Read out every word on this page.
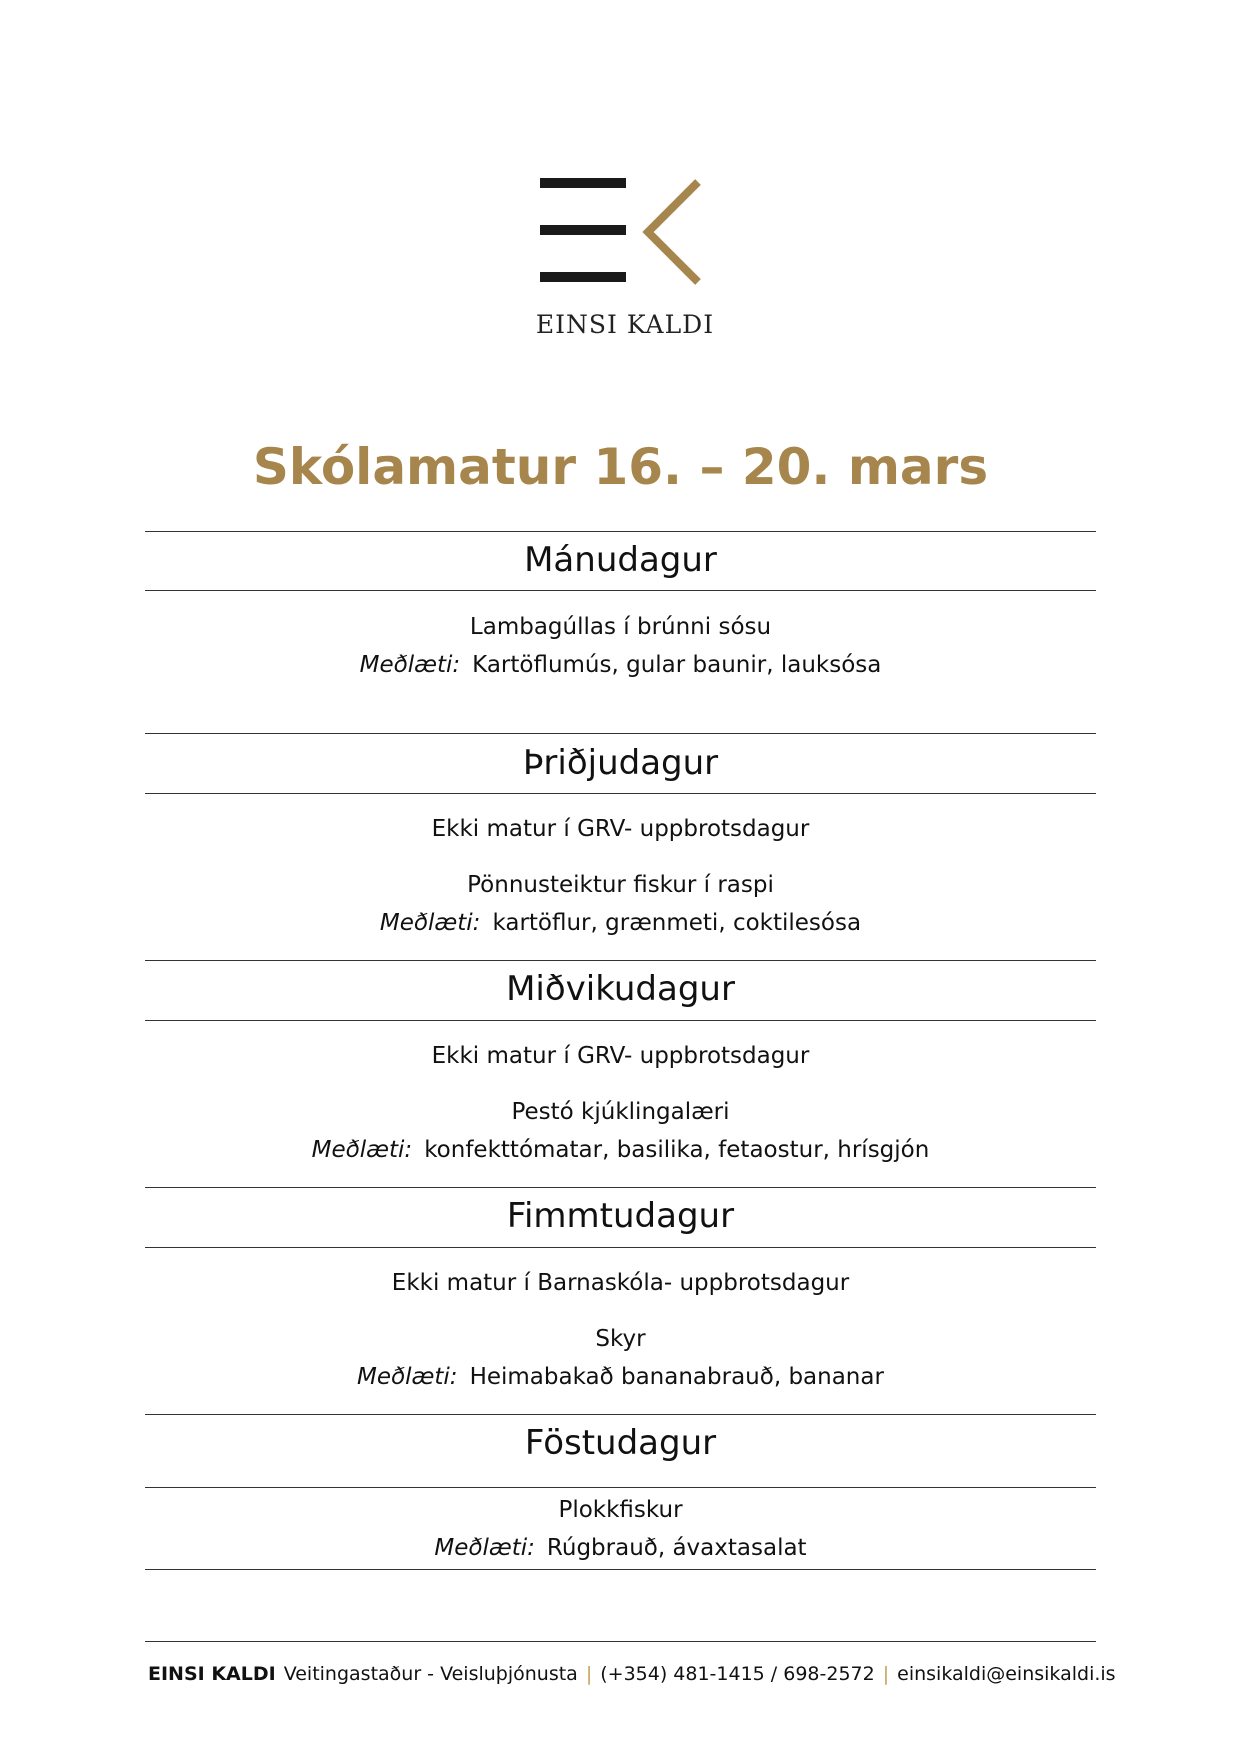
EINSI KALDI
Skólamatur 16. – 20. mars
Mánudagur
Lambagúllas í brúnni sósu
Meðlæti: Kartöflumús, gular baunir, lauksósa
Þriðjudagur
Ekki matur í GRV- uppbrotsdagur
Pönnusteiktur fiskur í raspi
Meðlæti: kartöflur, grænmeti, coktilesósa
Miðvikudagur
Ekki matur í GRV- uppbrotsdagur
Pestó kjúklingalæri
Meðlæti: konfekttómatar, basilika, fetaostur, hrísgjón
Fimmtudagur
Ekki matur í Barnaskóla- uppbrotsdagur
Skyr
Meðlæti: Heimabakað bananabrauð, bananar
Föstudagur
Plokkfiskur
Meðlæti: Rúgbrauð, ávaxtasalat
EINSI KALDI Veitingastaður - Veisluþjónusta | (+354) 481-1415 / 698-2572 | einsikaldi@einsikaldi.is
